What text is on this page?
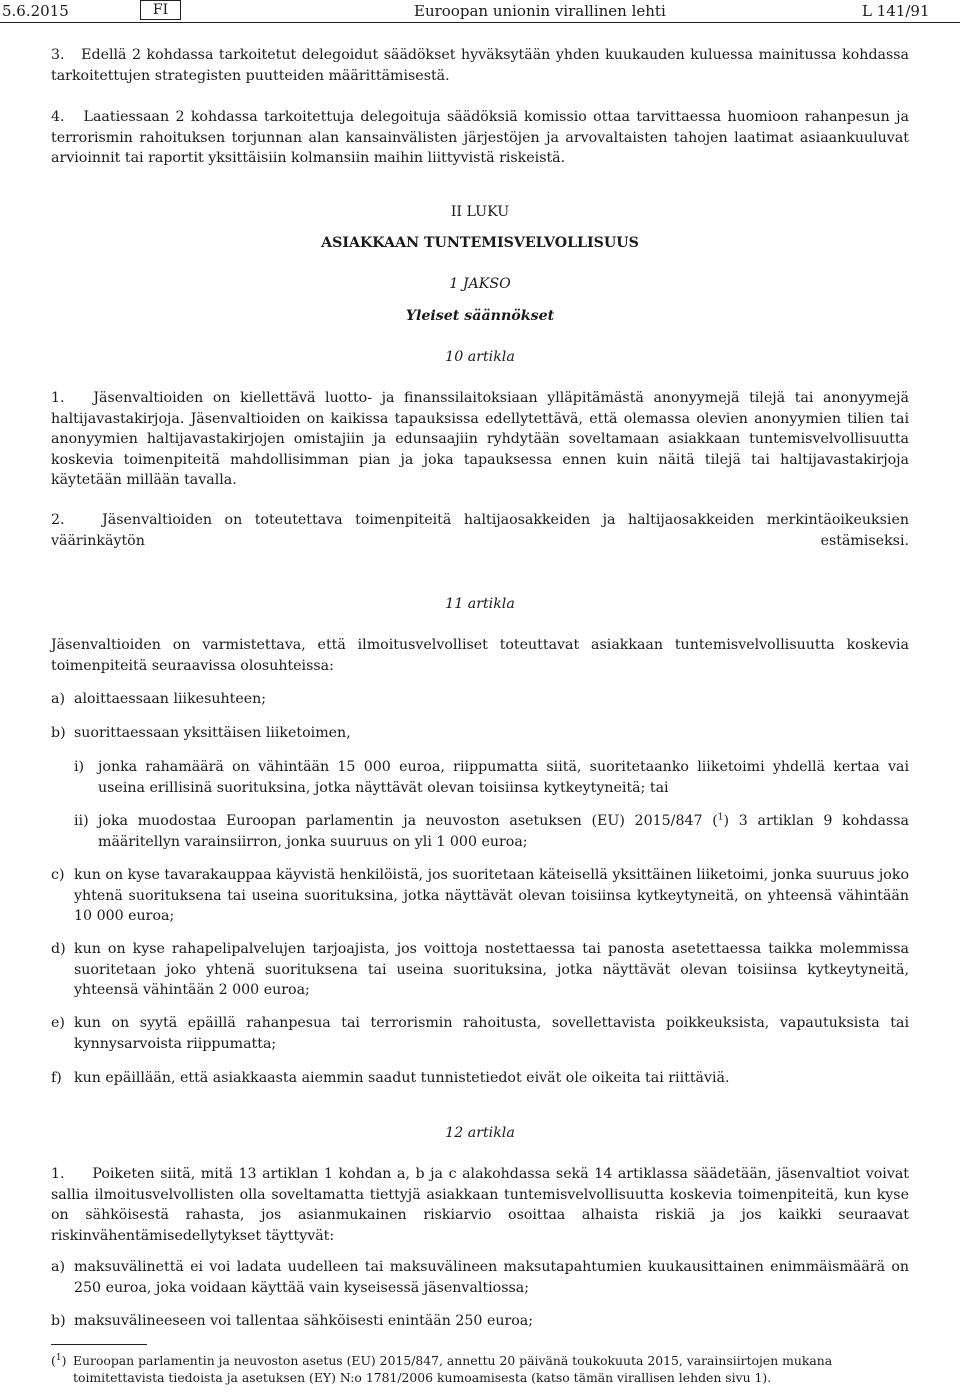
5.6.2015	FI	Euroopan unionin virallinen lehti	L 141/91
3. Edellä 2 kohdassa tarkoitetut delegoidut säädökset hyväksytään yhden kuukauden kuluessa mainitussa kohdassa tarkoitettujen strategisten puutteiden määrittämisestä.
4. Laatiessaan 2 kohdassa tarkoitettuja delegoituja säädöksiä komissio ottaa tarvittaessa huomioon rahanpesun ja terrorismin rahoituksen torjunnan alan kansainvälisten järjestöjen ja arvovaltaisten tahojen laatimat asiaankuuluvat arvioinnit tai raportit yksittäisiin kolmansiin maihin liittyvistä riskeistä.
II LUKU
ASIAKKAAN TUNTEMISVELVOLLISUUS
1 JAKSO
Yleiset säännökset
10 artikla
1. Jäsenvaltioiden on kiellettävä luotto- ja finanssilaitoksiaan ylläpitämästä anonyymejä tilejä tai anonyymejä haltijavastakirjoja. Jäsenvaltioiden on kaikissa tapauksissa edellytettävä, että olemassa olevien anonyymien tilien tai anonyymien haltijavastakirjojen omistajiin ja edunsaajiin ryhdytään soveltamaan asiakkaan tuntemisvelvollisuutta koskevia toimenpiteitä mahdollisimman pian ja joka tapauksessa ennen kuin näitä tilejä tai haltijavastakirjoja käytetään millään tavalla.
2.	Jäsenvaltioiden on toteutettava toimenpiteitä haltijaosakkeiden ja haltijaosakkeiden merkintäoikeuksien väärinkäytön estämiseksi.
11 artikla
Jäsenvaltioiden on varmistettava, että ilmoitusvelvolliset toteuttavat asiakkaan tuntemisvelvollisuutta koskevia toimenpiteitä seuraavissa olosuhteissa:
a) aloittaessaan liikesuhteen;
b) suorittaessaan yksittäisen liiketoimen,
i) jonka rahamäärä on vähintään 15 000 euroa, riippumatta siitä, suoritetaanko liiketoimi yhdellä kertaa vai useina erillisinä suorituksina, jotka näyttävät olevan toisiinsa kytkeytyneitä; tai
ii) joka muodostaa Euroopan parlamentin ja neuvoston asetuksen (EU) 2015/847 ($^1$) 3 artiklan 9 kohdassa määritellyn varainsiirron, jonka suuruus on yli 1 000 euroa;
c) kun on kyse tavarakauppaa käyvistä henkilöistä, jos suoritetaan käteisellä yksittäinen liiketoimi, jonka suuruus joko yhtenä suorituksena tai useina suorituksina, jotka näyttävät olevan toisiinsa kytkeytyneitä, on yhteensä vähintään 10 000 euroa;
d) kun on kyse rahapelipalvelujen tarjoajista, jos voittoja nostettaessa tai panosta asetettaessa taikka molemmissa suoritetaan joko yhtenä suorituksena tai useina suorituksina, jotka näyttävät olevan toisiinsa kytkeytyneitä, yhteensä vähintään 2 000 euroa;
e) kun on syytä epäillä rahanpesua tai terrorismin rahoitusta, sovellettavista poikkeuksista, vapautuksista tai kynnysarvoista riippumatta;
f) kun epäillään, että asiakkaasta aiemmin saadut tunnistetiedot eivät ole oikeita tai riittäviä.
12 artikla
1. Poiketen siitä, mitä 13 artiklan 1 kohdan a, b ja c alakohdassa sekä 14 artiklassa säädetään, jäsenvaltiot voivat sallia ilmoitusvelvollisten olla soveltamatta tiettyjä asiakkaan tuntemisvelvollisuutta koskevia toimenpiteitä, kun kyse on sähköisestä rahasta, jos asianmukainen riskiarvio osoittaa alhaista riskiä ja jos kaikki seuraavat riskinvähentämisedellytykset täyttyvät:
a) maksuvälinettä ei voi ladata uudelleen tai maksuvälineen maksutapahtumien kuukausittainen enimmäismäärä on 250 euroa, joka voidaan käyttää vain kyseisessä jäsenvaltiossa;
b) maksuvälineeseen voi tallentaa sähköisesti enintään 250 euroa;
($^1$) Euroopan parlamentin ja neuvoston asetus (EU) 2015/847, annettu 20 päivänä toukokuuta 2015, varainsiirtojen mukana toimitettavista tiedoista ja asetuksen (EY) N:o 1781/2006 kumoamisesta (katso tämän virallisen lehden sivu 1).
